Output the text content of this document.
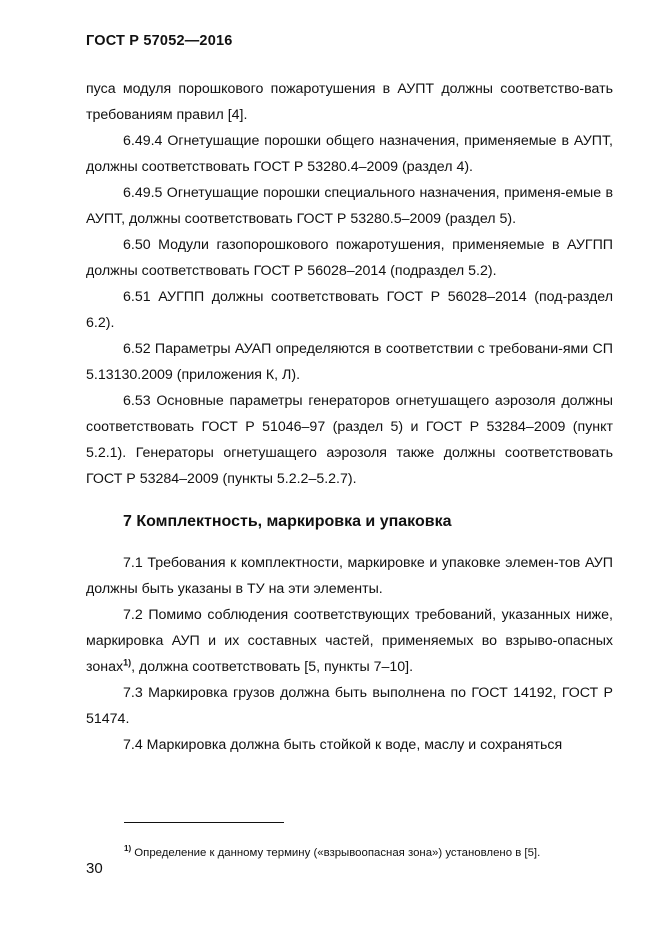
ГОСТ Р 57052—2016

пуса модуля порошкового пожаротушения в АУПТ должны соответство-вать требованиям правил [4].

6.49.4 Огнетушащие порошки общего назначения, применяемые в АУПТ, должны соответствовать ГОСТ Р 53280.4–2009 (раздел 4).

6.49.5 Огнетушащие порошки специального назначения, применя-емые в АУПТ, должны соответствовать ГОСТ Р 53280.5–2009 (раздел 5).

6.50 Модули газопорошкового пожаротушения, применяемые в АУГПП должны соответствовать ГОСТ Р 56028–2014 (подраздел 5.2).

6.51 АУГПП должны соответствовать ГОСТ Р 56028–2014 (под-раздел 6.2).

6.52 Параметры АУАП определяются в соответствии с требовани-ями СП 5.13130.2009 (приложения К, Л).

6.53 Основные параметры генераторов огнетушащего аэрозоля должны соответствовать ГОСТ Р 51046–97 (раздел 5) и ГОСТ Р 53284–2009 (пункт 5.2.1). Генераторы огнетушащего аэрозоля также должны соответствовать ГОСТ Р 53284–2009 (пункты 5.2.2–5.2.7).

7 Комплектность, маркировка и упаковка

7.1 Требования к комплектности, маркировке и упаковке элемен-тов АУП должны быть указаны в ТУ на эти элементы.

7.2 Помимо соблюдения соответствующих требований, указанных ниже, маркировка АУП и их составных частей, применяемых во взрыво-опасных зонах$^{1)}$, должна соответствовать [5, пункты 7–10].

7.3 Маркировка грузов должна быть выполнена по ГОСТ 14192, ГОСТ Р 51474.

7.4 Маркировка должна быть стойкой к воде, маслу и сохраняться

$^{1)}$ Определение к данному термину («взрывоопасная зона») установлено в [5].
30
